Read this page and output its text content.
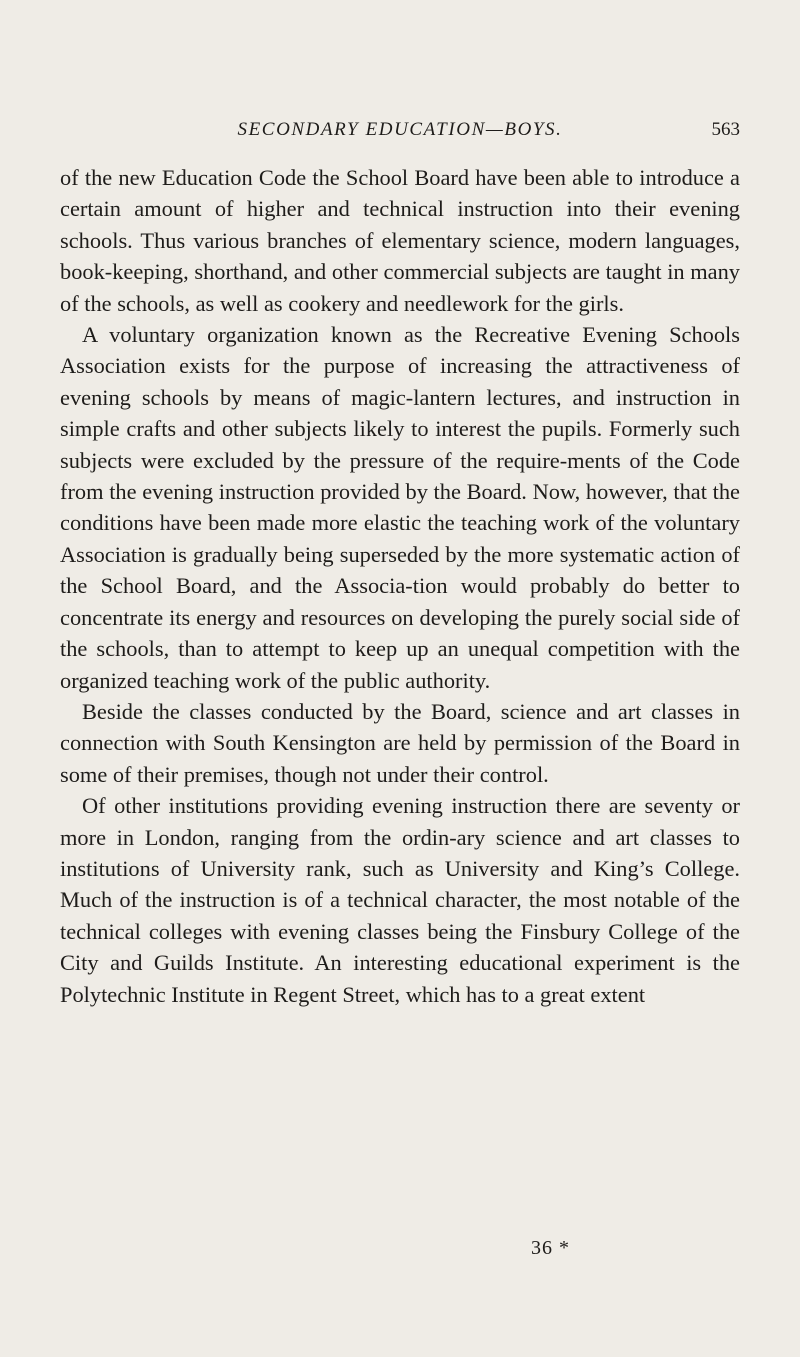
SECONDARY EDUCATION—BOYS.	563

of the new Education Code the School Board have been able to introduce a certain amount of higher and technical instruction into their evening schools. Thus various branches of elementary science, modern languages, book-keeping, shorthand, and other commercial subjects are taught in many of the schools, as well as cookery and needlework for the girls.

A voluntary organization known as the Recreative Evening Schools Association exists for the purpose of increasing the attractiveness of evening schools by means of magic-lantern lectures, and instruction in simple crafts and other subjects likely to interest the pupils. Formerly such subjects were excluded by the pressure of the require-ments of the Code from the evening instruction provided by the Board. Now, however, that the conditions have been made more elastic the teaching work of the voluntary Association is gradually being superseded by the more systematic action of the School Board, and the Associa-tion would probably do better to concentrate its energy and resources on developing the purely social side of the schools, than to attempt to keep up an unequal competition with the organized teaching work of the public authority.

Beside the classes conducted by the Board, science and art classes in connection with South Kensington are held by permission of the Board in some of their premises, though not under their control.

Of other institutions providing evening instruction there are seventy or more in London, ranging from the ordin-ary science and art classes to institutions of University rank, such as University and King’s College. Much of the instruction is of a technical character, the most notable of the technical colleges with evening classes being the Finsbury College of the City and Guilds Institute. An interesting educational experiment is the Polytechnic Institute in Regent Street, which has to a great extent

36 *
